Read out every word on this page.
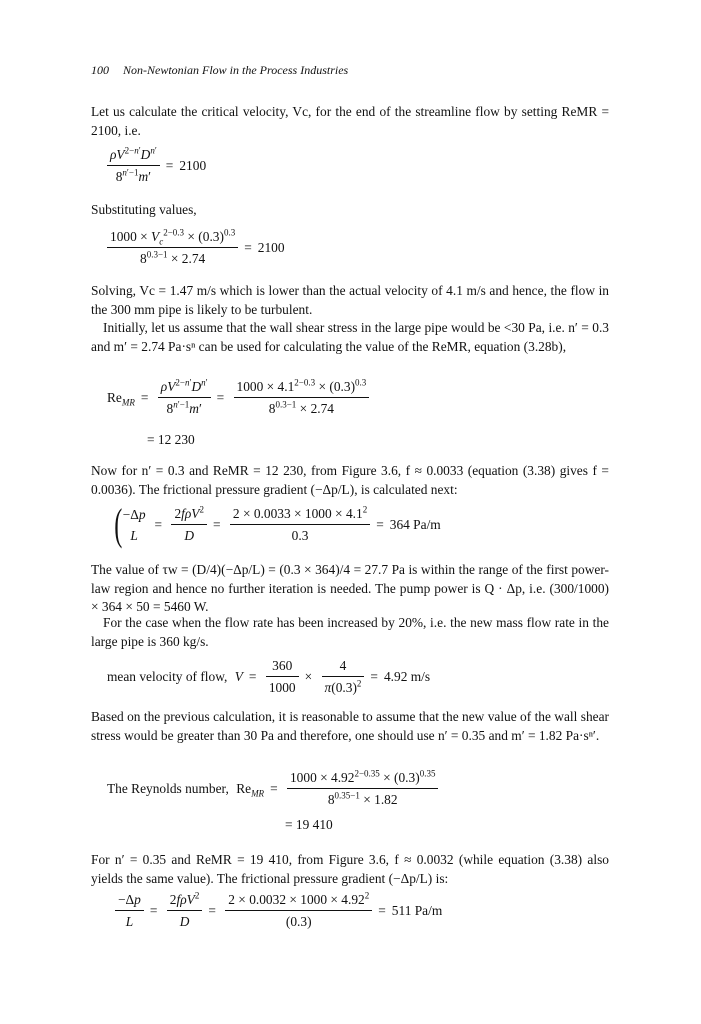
100 Non-Newtonian Flow in the Process Industries
Let us calculate the critical velocity, Vc, for the end of the streamline flow by setting ReMR = 2100, i.e.
$\frac{\rho V^{2-n'}D^{n'}}{8^{n'-1}m'} = 2100$
Substituting values,
$\frac{1000 \times V_c^{2-0.3} \times (0.3)^{0.3}}{8^{0.3-1} \times 2.74} = 2100$
Solving, Vc = 1.47 m/s which is lower than the actual velocity of 4.1 m/s and hence, the flow in the 300 mm pipe is likely to be turbulent.
Initially, let us assume that the wall shear stress in the large pipe would be <30 Pa, i.e. n′ = 0.3 and m′ = 2.74 Pa·sⁿ can be used for calculating the value of the ReMR, equation (3.28b),
$Re_{MR} = \frac{\rho V^{2-n'}D^{n'}}{8^{n'-1}m'} = \frac{1000 \times 4.1^{2-0.3} \times (0.3)^{0.3}}{8^{0.3-1} \times 2.74}$
= 12 230
Now for n′ = 0.3 and ReMR = 12 230, from Figure 3.6, f ≈ 0.0033 (equation (3.38) gives f = 0.0036). The frictional pressure gradient (−Δp/L), is calculated next:
( −Δp
L
= $\frac{2f\rho V^2}{D} = \frac{2 \times 0.0033 \times 1000 \times 4.1^2}{0.3} = 364$ Pa/m
The value of τw = (D/4)(−Δp/L) = (0.3 × 364)/4 = 27.7 Pa is within the range of the first power-law region and hence no further iteration is needed. The pump power is Q · Δp, i.e. (300/1000) × 364 × 50 = 5460 W.
For the case when the flow rate has been increased by 20%, i.e. the new mass flow rate in the large pipe is 360 kg/s.
mean velocity of flow, $V = \frac{360}{1000} \times \frac{4}{\pi(0.3)^2} = 4.92$ m/s
Based on the previous calculation, it is reasonable to assume that the new value of the wall shear stress would be greater than 30 Pa and therefore, one should use n′ = 0.35 and m′ = 1.82 Pa·sⁿ′.
The Reynolds number, $Re_{MR} = \frac{1000 \times 4.92^{2-0.35} \times (0.3)^{0.35}}{8^{0.35-1} \times 1.82}$
= 19 410
For n′ = 0.35 and ReMR = 19 410, from Figure 3.6, f ≈ 0.0032 (while equation (3.38) also yields the same value). The frictional pressure gradient (−Δp/L) is:
$\frac{-\Delta p}{L} = \frac{2f\rho V^2}{D} = \frac{2 \times 0.0032 \times 1000 \times 4.92^2}{(0.3)} = 511$ Pa/m
